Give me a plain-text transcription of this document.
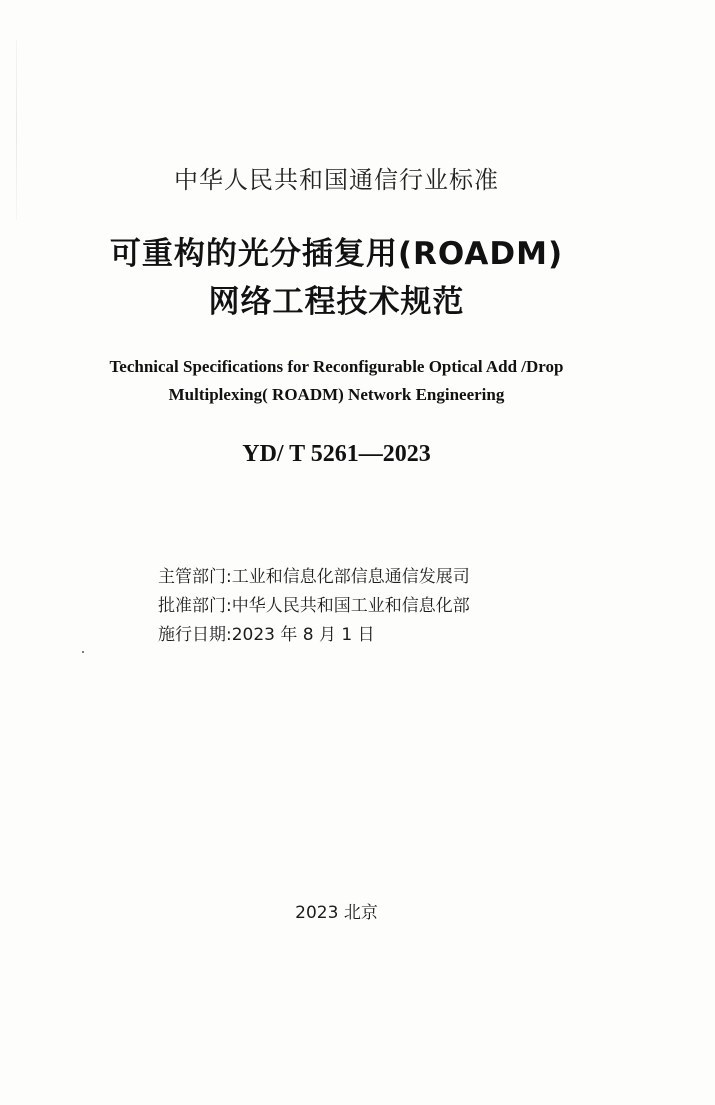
中华人民共和国通信行业标准
可重构的光分插复用(ROADM)
网络工程技术规范
Technical Specifications for Reconfigurable Optical Add /Drop
Multiplexing( ROADM) Network Engineering
YD/ T 5261—2023
主管部门:工业和信息化部信息通信发展司
批准部门:中华人民共和国工业和信息化部
施行日期:2023 年 8 月 1 日
2023 北京
